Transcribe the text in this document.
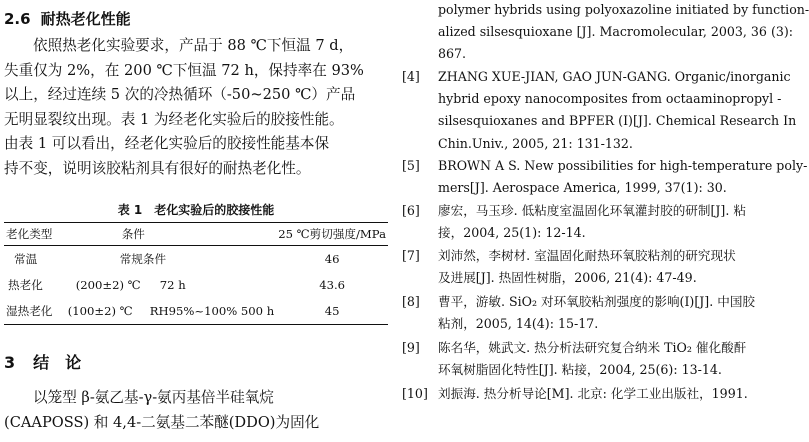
2.6 耐热老化性能
依照热老化实验要求，产品于 88 ℃下恒温 7 d，
失重仅为 2%，在 200 ℃下恒温 72 h，保持率在 93%
以上，经过连续 5 次的冷热循环（-50~250 ℃）产品
无明显裂纹出现。表 1 为经老化实验后的胶接性能。
由表 1 可以看出，经老化实验后的胶接性能基本保
持不变，说明该胶粘剂具有很好的耐热老化性。
表 1　老化实验后的胶接性能
老化类型	条件		25 ℃剪切强度/MPa
常温	常规条件		46
热老化	(200±2) ℃	72 h	43.6
湿热老化	(100±2) ℃	RH95%~100% 500 h	45
3 结　论
以笼型 β-氨乙基-γ-氨丙基倍半硅氧烷
(CAAPOSS) 和 4,4-二氨基二苯醚(DDO)为固化
polymer hybrids using polyoxazoline initiated by function-
alized silsesquioxane [J]. Macromolecular, 2003, 36 (3):
867.
[4] ZHANG XUE-JIAN, GAO JUN-GANG. Organic/inorganic
hybrid epoxy nanocomposites from octaaminopropyl -
silsesquioxanes and BPFER (I)[J]. Chemical Research In
Chin.Univ., 2005, 21: 131-132.
[5] BROWN A S. New possibilities for high-temperature poly-
mers[J]. Aerospace America, 1999, 37(1): 30.
[6] 廖宏，马玉珍. 低粘度室温固化环氧灌封胶的研制[J]. 粘
接，2004, 25(1): 12-14.
[7] 刘沛然，李树材. 室温固化耐热环氧胶粘剂的研究现状
及进展[J]. 热固性树脂，2006, 21(4): 47-49.
[8] 曹平，游敏. SiO₂ 对环氧胶粘剂强度的影响(I)[J]. 中国胶
粘剂，2005, 14(4): 15-17.
[9] 陈名华，姚武文. 热分析法研究复合纳米 TiO₂ 催化酸酐
环氧树脂固化特性[J]. 粘接，2004, 25(6): 13-14.
[10] 刘振海. 热分析导论[M]. 北京: 化学工业出版社，1991.
